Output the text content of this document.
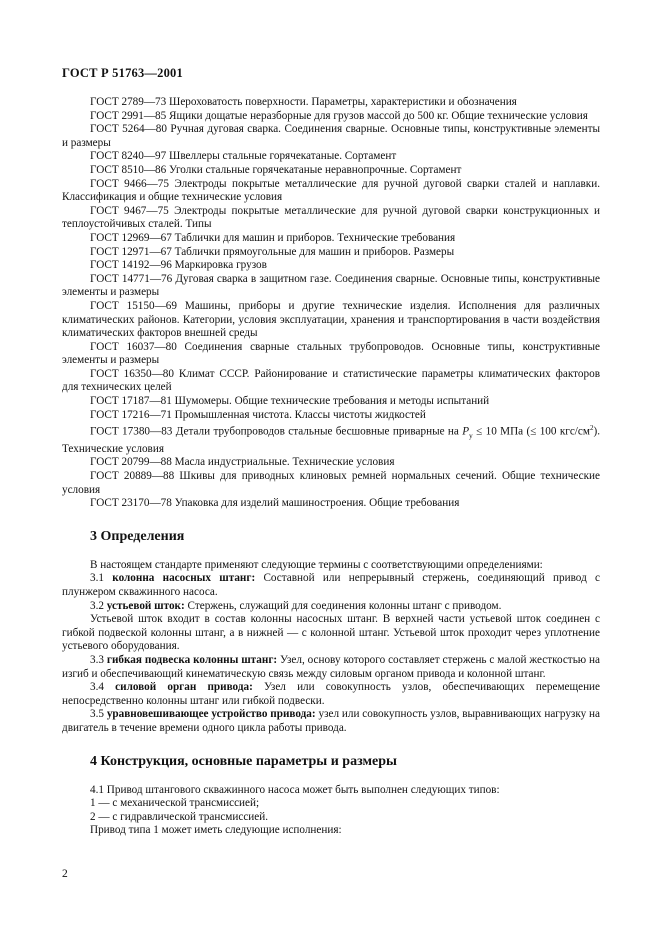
ГОСТ Р 51763—2001

ГОСТ 2789—73 Шероховатость поверхности. Параметры, характеристики и обозначения

ГОСТ 2991—85 Ящики дощатые неразборные для грузов массой до 500 кг. Общие технические условия

ГОСТ 5264—80 Ручная дуговая сварка. Соединения сварные. Основные типы, конструктивные элементы и размеры

ГОСТ 8240—97 Швеллеры стальные горячекатаные. Сортамент

ГОСТ 8510—86 Уголки стальные горячекатаные неравнопрочные. Сортамент

ГОСТ 9466—75 Электроды покрытые металлические для ручной дуговой сварки сталей и наплавки. Классификация и общие технические условия

ГОСТ 9467—75 Электроды покрытые металлические для ручной дуговой сварки конструкционных и теплоустойчивых сталей. Типы

ГОСТ 12969—67 Таблички для машин и приборов. Технические требования

ГОСТ 12971—67 Таблички прямоугольные для машин и приборов. Размеры

ГОСТ 14192—96 Маркировка грузов

ГОСТ 14771—76 Дуговая сварка в защитном газе. Соединения сварные. Основные типы, конструктивные элементы и размеры

ГОСТ 15150—69 Машины, приборы и другие технические изделия. Исполнения для различных климатических районов. Категории, условия эксплуатации, хранения и транспортирования в части воздействия климатических факторов внешней среды

ГОСТ 16037—80 Соединения сварные стальных трубопроводов. Основные типы, конструктивные элементы и размеры

ГОСТ 16350—80 Климат СССР. Районирование и статистические параметры климатических факторов для технических целей

ГОСТ 17187—81 Шумомеры. Общие технические требования и методы испытаний

ГОСТ 17216—71 Промышленная чистота. Классы чистоты жидкостей

ГОСТ 17380—83 Детали трубопроводов стальные бесшовные приварные на $P_y \le 10$ МПа (≤ 100 кгс/$см^2$). Технические условия

ГОСТ 20799—88 Масла индустриальные. Технические условия

ГОСТ 20889—88 Шкивы для приводных клиновых ремней нормальных сечений. Общие технические условия

ГОСТ 23170—78 Упаковка для изделий машиностроения. Общие требования

3 Определения

В настоящем стандарте применяют следующие термины с соответствующими определениями:

3.1 колонна насосных штанг: Составной или непрерывный стержень, соединяющий привод с плунжером скважинного насоса.

3.2 устьевой шток: Стержень, служащий для соединения колонны штанг с приводом.

Устьевой шток входит в состав колонны насосных штанг. В верхней части устьевой шток соединен с гибкой подвеской колонны штанг, а в нижней — с колонной штанг. Устьевой шток проходит через уплотнение устьевого оборудования.

3.3 гибкая подвеска колонны штанг: Узел, основу которого составляет стержень с малой жесткостью на изгиб и обеспечивающий кинематическую связь между силовым органом привода и колонной штанг.

3.4 силовой орган привода: Узел или совокупность узлов, обеспечивающих перемещение непосредственно колонны штанг или гибкой подвески.

3.5 уравновешивающее устройство привода: узел или совокупность узлов, выравнивающих нагрузку на двигатель в течение времени одного цикла работы привода.

4 Конструкция, основные параметры и размеры

4.1 Привод штангового скважинного насоса может быть выполнен следующих типов:

1 — с механической трансмиссией;

2 — с гидравлической трансмиссией.

Привод типа 1 может иметь следующие исполнения:

2
